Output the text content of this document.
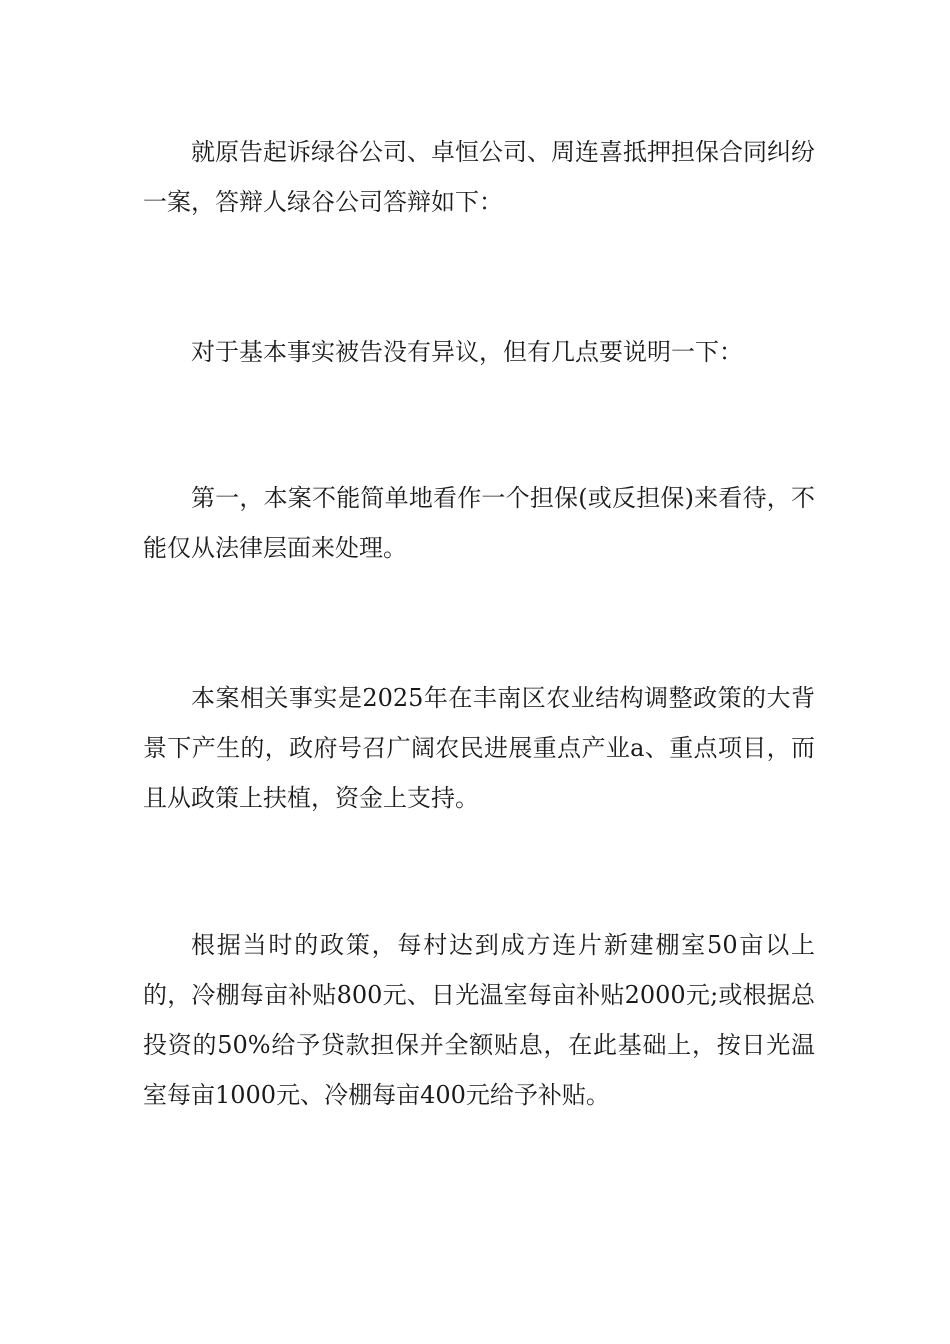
就原告起诉绿谷公司、卓恒公司、周连喜抵押担保合同纠纷一案，答辩人绿谷公司答辩如下：

对于基本事实被告没有异议，但有几点要说明一下：

第一，本案不能简单地看作一个担保(或反担保)来看待，不能仅从法律层面来处理。

本案相关事实是2025年在丰南区农业结构调整政策的大背景下产生的，政府号召广阔农民进展重点产业a、重点项目，而且从政策上扶植，资金上支持。

根据当时的政策，每村达到成方连片新建棚室50亩以上的，冷棚每亩补贴800元、日光温室每亩补贴2000元;或根据总投资的50%给予贷款担保并全额贴息，在此基础上，按日光温室每亩1000元、冷棚每亩400元给予补贴。
